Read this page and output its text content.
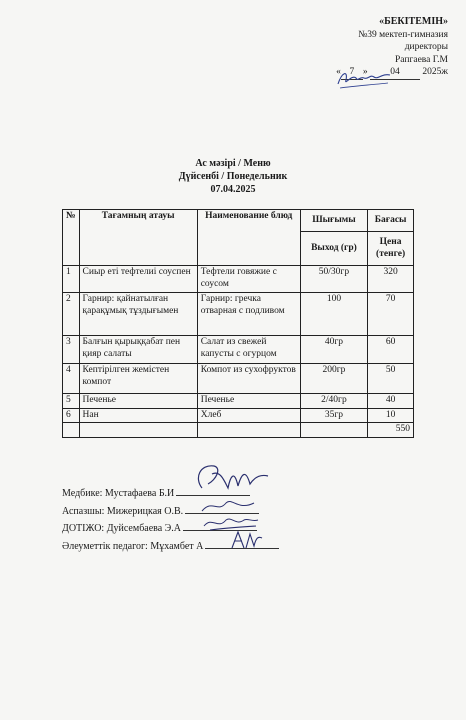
«БЕКІТЕМІН»
№39 мектеп-гимназия
директоры
Рапгаева Г.М
« 7 » 04 2025ж
Ас мәзірі / Меню
Дүйсенбі / Понедельник
07.04.2025
№	Тағамның атауы	Наименование блюд	Шығымы	Бағасы
			Выход (гр)	Цена (тенге)
1	Сиыр еті тефтелиі соуспен	Тефтели говяжие с соусом	50/30гр	320
2	Гарнир: қайнатылған қарақұмық тұздығымен	Гарнир: гречка отварная с подливом	100	70
3	Балғын қырыққабат пен қияр салаты	Салат из свежей капусты с огурцом	40гр	60
4	Кептірілген жемістен компот	Компот из сухофруктов	200гр	50
5	Печенье	Печенье	2/40гр	40
6	Нан	Хлеб	35гр	10
				550
Медбике: Мустафаева Б.И
Аспазшы: Мижерицкая О.В.
ДОТІЖО: Дуйсембаева Э.А
Әлеуметтік педагог: Мұхамбет А
